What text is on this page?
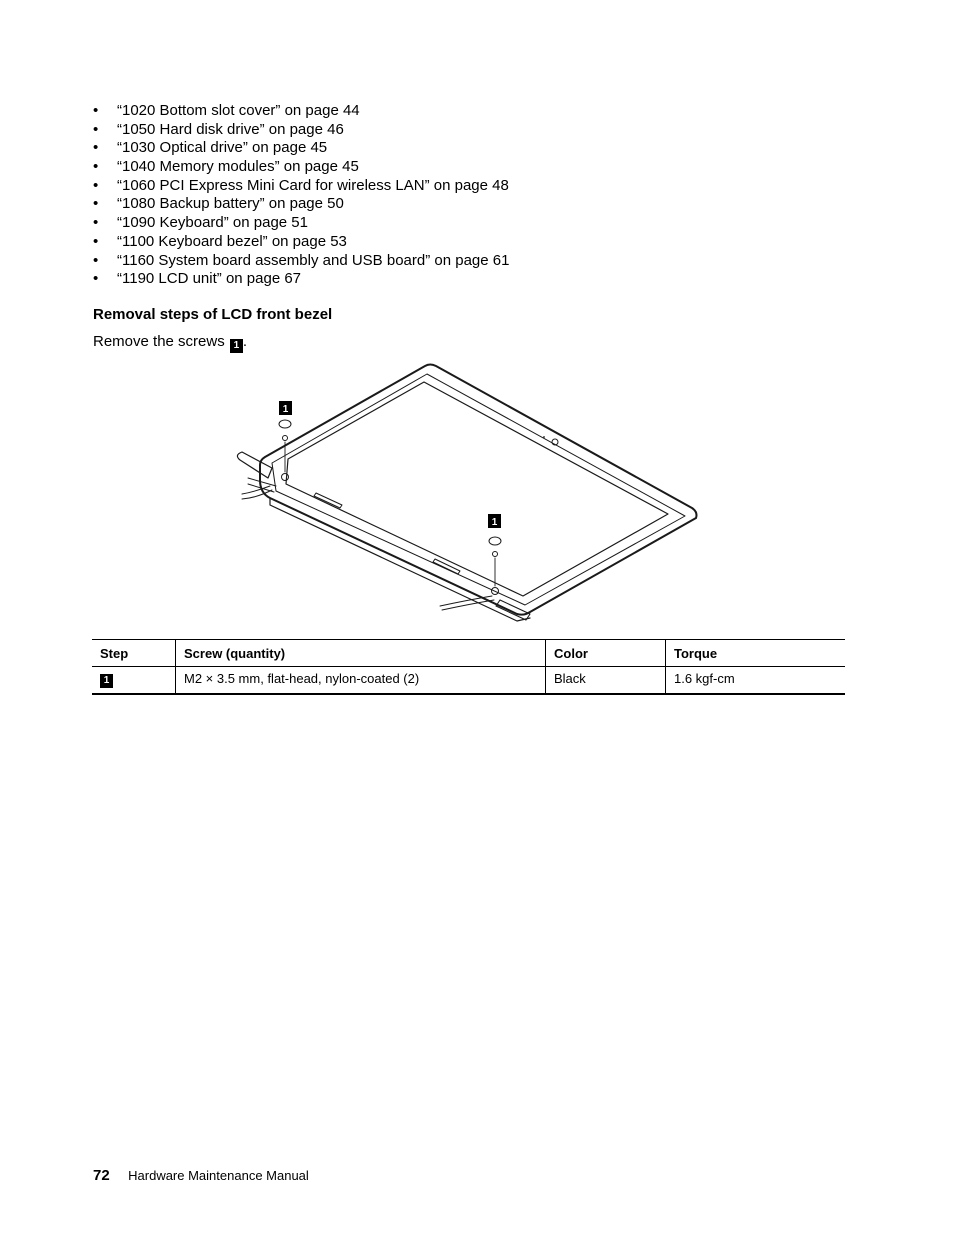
• “1020 Bottom slot cover” on page 44
• “1050 Hard disk drive” on page 46
• “1030 Optical drive” on page 45
• “1040 Memory modules” on page 45
• “1060 PCI Express Mini Card for wireless LAN” on page 48
• “1080 Backup battery” on page 50
• “1090 Keyboard” on page 51
• “1100 Keyboard bezel” on page 53
• “1160 System board assembly and USB board” on page 61
• “1190 LCD unit” on page 67
Removal steps of LCD front bezel
Remove the screws 1 .
1
1
Step	Screw (quantity)	Color	Torque
1	M2 × 3.5 mm, flat-head, nylon-coated (2)	Black	1.6 kgf-cm
72 Hardware Maintenance Manual
